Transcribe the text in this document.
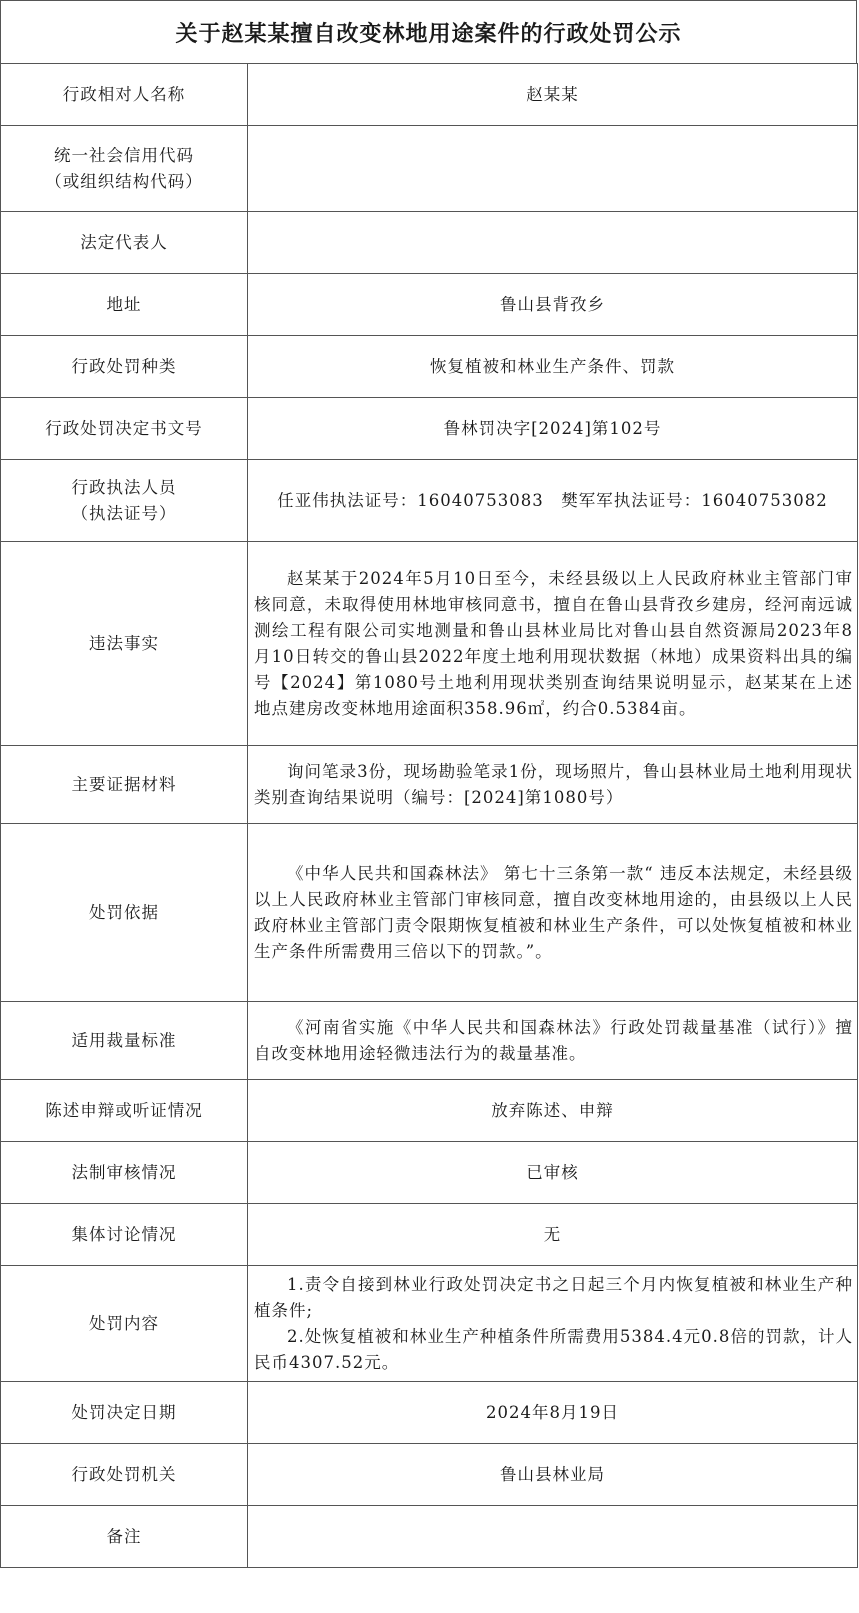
关于赵某某擅自改变林地用途案件的行政处罚公示
行政相对人名称	赵某某

统一社会信用代码
（或组织结构代码）	

法定代表人	
地址	鲁山县背孜乡
行政处罚种类	恢复植被和林业生产条件、罚款
行政处罚决定书文号	鲁林罚决字[2024]第102号

行政执法人员
（执法证号）	任亚伟执法证号：16040753083　樊军军执法证号：16040753082
违法事实	赵某某于2024年5月10日至今，未经县级以上人民政府林业主管部门审核同意，未取得使用林地审核同意书，擅自在鲁山县背孜乡建房，经河南远诚测绘工程有限公司实地测量和鲁山县林业局比对鲁山县自然资源局2023年8月10日转交的鲁山县2022年度土地利用现状数据（林地）成果资料出具的编号【2024】第1080号土地利用现状类别查询结果说明显示，赵某某在上述地点建房改变林地用途面积358.96㎡，约合0.5384亩。

主要证据材料	询问笔录3份，现场勘验笔录1份，现场照片，鲁山县林业局土地利用现状类别查询结果说明（编号：[2024]第1080号）

处罚依据	《中华人民共和国森林法》 第七十三条第一款“ 违反本法规定，未经县级以上人民政府林业主管部门审核同意，擅自改变林地用途的，由县级以上人民政府林业主管部门责令限期恢复植被和林业生产条件，可以处恢复植被和林业生产条件所需费用三倍以下的罚款。”。

适用裁量标准	《河南省实施《中华人民共和国森林法》行政处罚裁量基准（试行）》擅自改变林地用途轻微违法行为的裁量基准。

陈述申辩或听证情况	放弃陈述、申辩
法制审核情况	已审核
集体讨论情况	无
处罚内容	1.责令自接到林业行政处罚决定书之日起三个月内恢复植被和林业生产种植条件;
2.处恢复植被和林业生产种植条件所需费用5384.4元0.8倍的罚款，计人民币4307.52元。

处罚决定日期	2024年8月19日
行政处罚机关	鲁山县林业局
备注	
